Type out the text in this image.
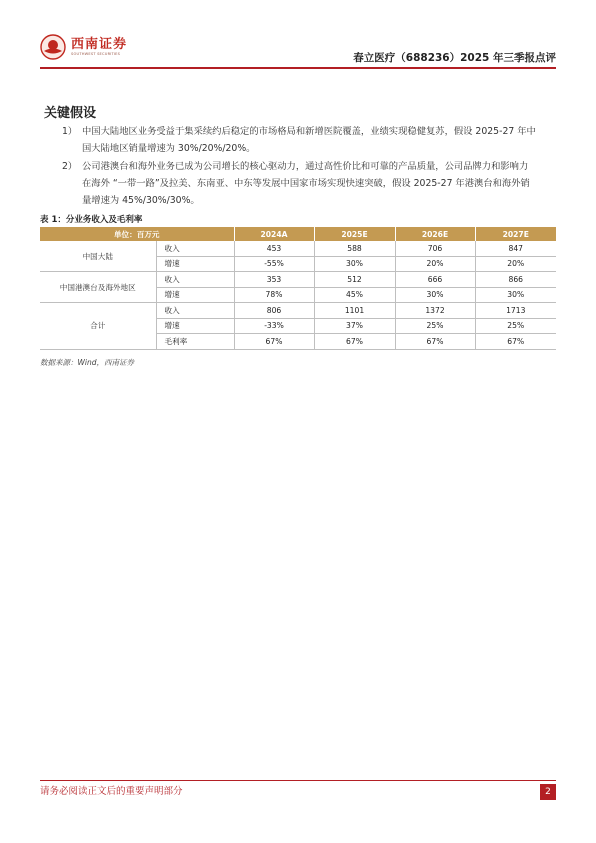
西南证券
SOUTHWEST SECURITIES	春立医疗（688236）2025 年三季报点评
关键假设
1） 中国大陆地区业务受益于集采续约后稳定的市场格局和新增医院覆盖，业绩实现稳健复苏，假设 2025-27 年中国大陆地区销量增速为 30%/20%/20%。
2） 公司港澳台和海外业务已成为公司增长的核心驱动力，通过高性价比和可靠的产品质量，公司品牌力和影响力在海外 “一带一路”及拉美、东南亚、中东等发展中国家市场实现快速突破，假设 2025-27 年港澳台和海外销量增速为 45%/30%/30%。
表 1：分业务收入及毛利率
单位：百万元		2024A	2025E	2026E	2027E
中国大陆	收入	453	588	706	847
	增速	-55%	30%	20%	20%
中国港澳台及海外地区	收入	353	512	666	866
	增速	78%	45%	30%	30%
合计	收入	806	1101	1372	1713
	增速	-33%	37%	25%	25%
	毛利率	67%	67%	67%	67%
数据来源：Wind，西南证券
请务必阅读正文后的重要声明部分	2
